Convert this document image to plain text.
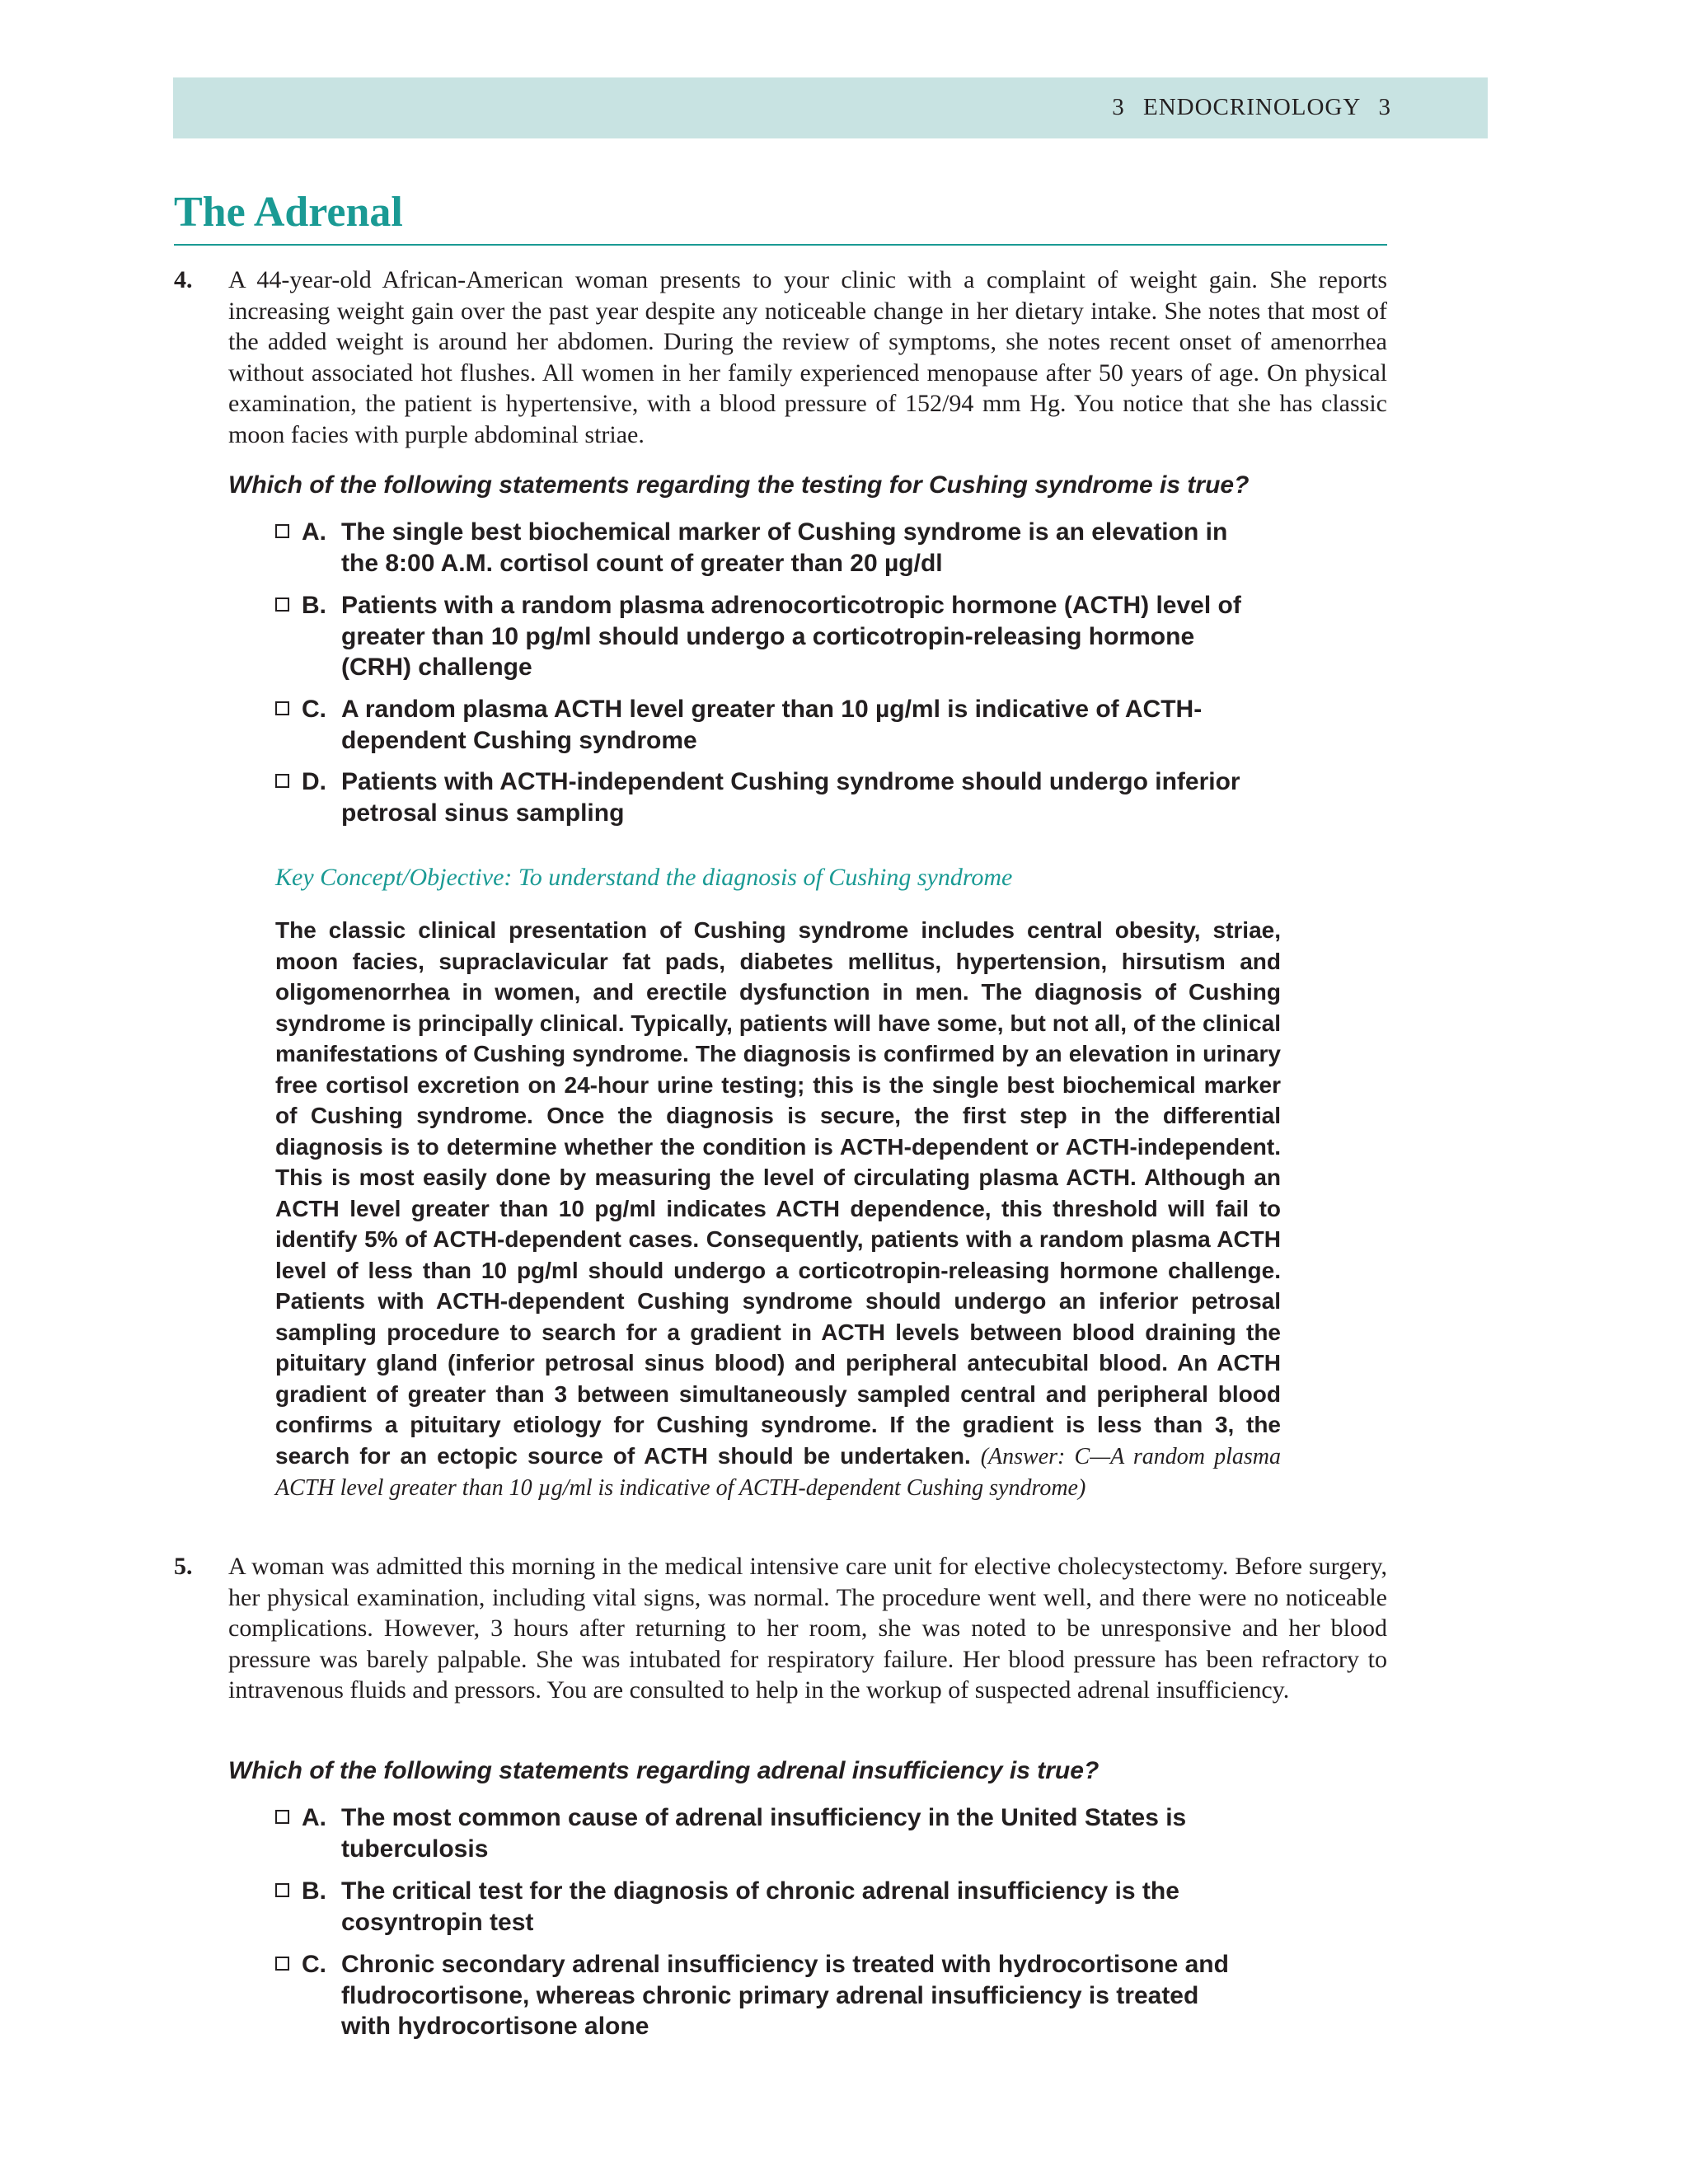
3 ENDOCRINOLOGY 3
The Adrenal
4. A 44-year-old African-American woman presents to your clinic with a complaint of weight gain. She reports increasing weight gain over the past year despite any noticeable change in her dietary intake. She notes that most of the added weight is around her abdomen. During the review of symptoms, she notes recent onset of amenorrhea without associated hot flushes. All women in her family experienced menopause after 50 years of age. On physical examination, the patient is hypertensive, with a blood pressure of 152/94 mm Hg. You notice that she has classic moon facies with purple abdominal striae.
Which of the following statements regarding the testing for Cushing syndrome is true?
A. The single best biochemical marker of Cushing syndrome is an elevation in the 8:00 A.M. cortisol count of greater than 20 µg/dl
B. Patients with a random plasma adrenocorticotropic hormone (ACTH) level of greater than 10 pg/ml should undergo a corticotropin-releasing hormone (CRH) challenge
C. A random plasma ACTH level greater than 10 µg/ml is indicative of ACTH-dependent Cushing syndrome
D. Patients with ACTH-independent Cushing syndrome should undergo inferior petrosal sinus sampling
Key Concept/Objective: To understand the diagnosis of Cushing syndrome
The classic clinical presentation of Cushing syndrome includes central obesity, striae, moon facies, supraclavicular fat pads, diabetes mellitus, hypertension, hirsutism and oligomenorrhea in women, and erectile dysfunction in men. The diagnosis of Cushing syndrome is principally clinical. Typically, patients will have some, but not all, of the clinical manifestations of Cushing syndrome. The diagnosis is confirmed by an elevation in urinary free cortisol excretion on 24-hour urine testing; this is the single best biochemical marker of Cushing syndrome. Once the diagnosis is secure, the first step in the differential diagnosis is to determine whether the condition is ACTH-dependent or ACTH-independent. This is most easily done by measuring the level of circulating plasma ACTH. Although an ACTH level greater than 10 pg/ml indicates ACTH dependence, this threshold will fail to identify 5% of ACTH-dependent cases. Consequently, patients with a random plasma ACTH level of less than 10 pg/ml should undergo a corticotropin-releasing hormone challenge. Patients with ACTH-dependent Cushing syndrome should undergo an inferior petrosal sampling procedure to search for a gradient in ACTH levels between blood draining the pituitary gland (inferior petrosal sinus blood) and peripheral antecubital blood. An ACTH gradient of greater than 3 between simultaneously sampled central and peripheral blood confirms a pituitary etiology for Cushing syndrome. If the gradient is less than 3, the search for an ectopic source of ACTH should be undertaken. (Answer: C—A random plasma ACTH level greater than 10 µg/ml is indicative of ACTH-dependent Cushing syndrome)
5. A woman was admitted this morning in the medical intensive care unit for elective cholecystectomy. Before surgery, her physical examination, including vital signs, was normal. The procedure went well, and there were no noticeable complications. However, 3 hours after returning to her room, she was noted to be unresponsive and her blood pressure was barely palpable. She was intubated for respiratory failure. Her blood pressure has been refractory to intravenous fluids and pressors. You are consulted to help in the workup of suspected adrenal insufficiency.
Which of the following statements regarding adrenal insufficiency is true?
A. The most common cause of adrenal insufficiency in the United States is tuberculosis
B. The critical test for the diagnosis of chronic adrenal insufficiency is the cosyntropin test
C. Chronic secondary adrenal insufficiency is treated with hydrocortisone and fludrocortisone, whereas chronic primary adrenal insufficiency is treated with hydrocortisone alone
